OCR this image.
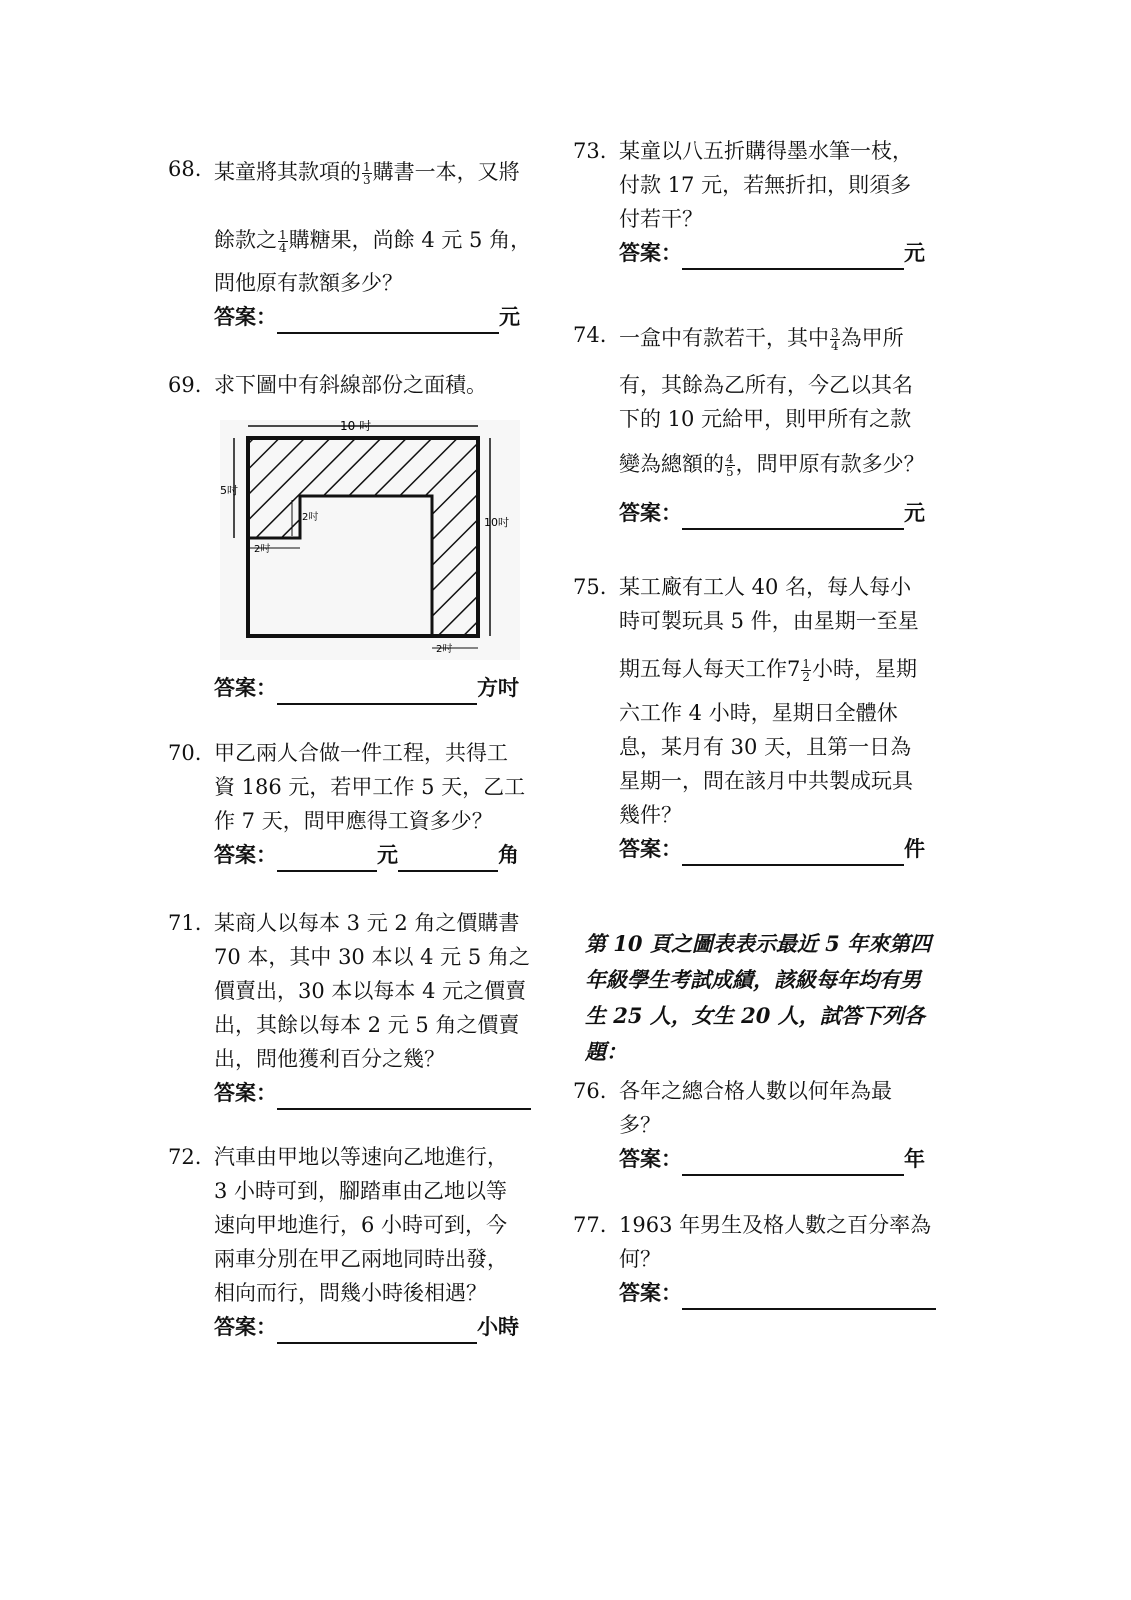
68. 某童將其款項的 $\frac{1}{3}$ 購書一本，又將
餘款之 $\frac{1}{4}$ 購糖果，尚餘 4 元 5 角，
問他原有款額多少？
答案：	元
69. 求下圖中有斜線部份之面積。
10 吋
5吋
2吋
2吋
10吋
2吋
答案：	方吋
70. 甲乙兩人合做一件工程，共得工
資 186 元，若甲工作 5 天，乙工
作 7 天，問甲應得工資多少？
答案：	元	角
71. 某商人以每本 3 元 2 角之價購書
70 本，其中 30 本以 4 元 5 角之
價賣出，30 本以每本 4 元之價賣
出，其餘以每本 2 元 5 角之價賣
出，問他獲利百分之幾？
答案：
72. 汽車由甲地以等速向乙地進行，
3 小時可到，腳踏車由乙地以等
速向甲地進行，6 小時可到，今
兩車分別在甲乙兩地同時出發，
相向而行，問幾小時後相遇？
答案：	小時
73. 某童以八五折購得墨水筆一枝，
付款 17 元，若無折扣，則須多
付若干？
答案：	元
74. 一盒中有款若干，其中 $\frac{3}{4}$ 為甲所
有，其餘為乙所有，今乙以其名
下的 10 元給甲，則甲所有之款
變為總額的 $\frac{4}{5}$ ，問甲原有款多少？
答案：	元
75. 某工廠有工人 40 名，每人每小
時可製玩具 5 件，由星期一至星
期五每人每天工作$7 \frac{1}{2}$ 小時，星期
六工作 4 小時，星期日全體休
息，某月有 30 天，且第一日為
星期一，問在該月中共製成玩具
幾件？
答案：	件
第 10 頁之圖表表示最近 5 年來第四
年級學生考試成績，該級每年均有男
生 25 人，女生 20 人，試答下列各
題：
76. 各年之總合格人數以何年為最
多？
答案：	年
77. 1963 年男生及格人數之百分率為
何？
答案：
